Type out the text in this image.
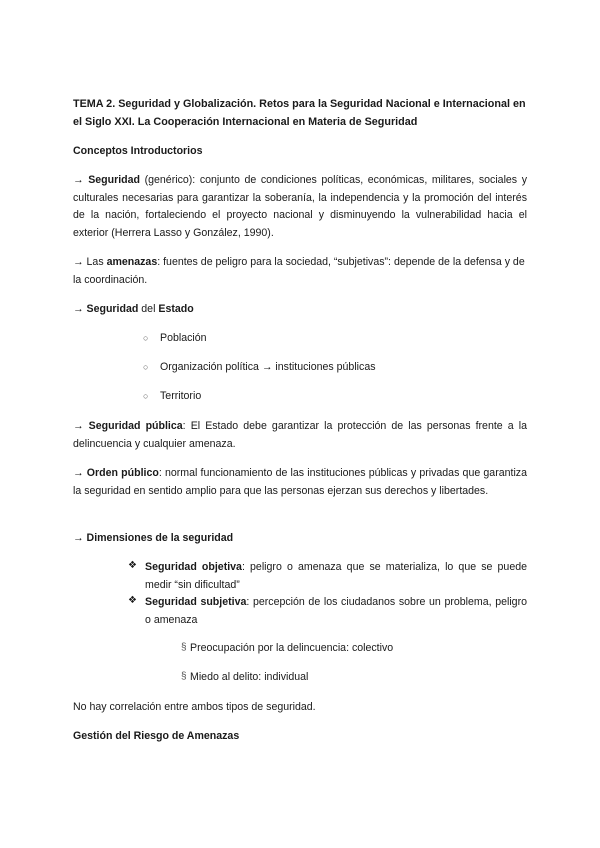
TEMA 2. Seguridad y Globalización. Retos para la Seguridad Nacional e Internacional en el Siglo XXI. La Cooperación Internacional en Materia de Seguridad
Conceptos Introductorios
→ Seguridad (genérico): conjunto de condiciones políticas, económicas, militares, sociales y culturales necesarias para garantizar la soberanía, la independencia y la promoción del interés de la nación, fortaleciendo el proyecto nacional y disminuyendo la vulnerabilidad hacia el exterior (Herrera Lasso y González, 1990).
→ Las amenazas: fuentes de peligro para la sociedad, “subjetivas”: depende de la defensa y de la coordinación.
→ Seguridad del Estado
○ Población
○ Organización política → instituciones públicas
○ Territorio
→ Seguridad pública: El Estado debe garantizar la protección de las personas frente a la delincuencia y cualquier amenaza.
→ Orden público: normal funcionamiento de las instituciones públicas y privadas que garantiza la seguridad en sentido amplio para que las personas ejerzan sus derechos y libertades.
→ Dimensiones de la seguridad
❖ Seguridad objetiva: peligro o amenaza que se materializa, lo que se puede medir “sin dificultad”
❖ Seguridad subjetiva: percepción de los ciudadanos sobre un problema, peligro o amenaza
§ Preocupación por la delincuencia: colectivo
§ Miedo al delito: individual
No hay correlación entre ambos tipos de seguridad.
Gestión del Riesgo de Amenazas
